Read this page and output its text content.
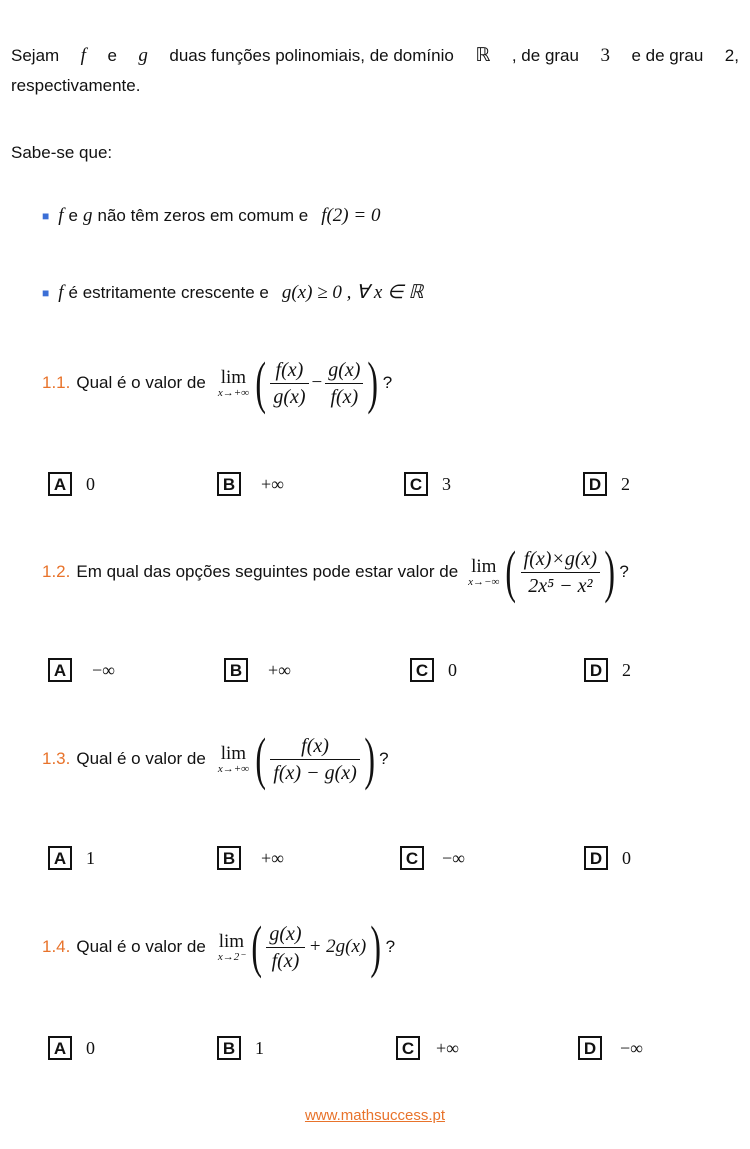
Sejam f e g duas funções polinomiais, de domínio ℝ , de grau 3 e de grau 2,
respectivamente.
Sabe-se que:
■ f e g não têm zeros em comum e f(2) = 0
■ f é estritamente crescente e g(x) ≥ 0 , ∀ x ∈ ℝ
1.1. Qual é o valor de lim
x→+∞ ( $\frac{f(x)}{g(x)} - \frac{g(x)}{f(x)}$ ) ?
A	0	B	+∞	C	3	D	2
1.2. Em qual das opções seguintes pode estar valor de lim
x→−∞ ( $\frac{f(x)\times g(x)}{\text{2x⁵ − x²}}$ ) ?
A	−∞	B	+∞	C	0	D	2
1.3. Qual é o valor de lim
x→+∞ ( $\frac{f(x)}{f(x) - g(x)}$ ) ?
A	1	B	+∞	C	−∞	D	0
1.4. Qual é o valor de lim
x→2⁻ ( $\frac{g(x)}{f(x)} + 2g(x)$ ) ?
A	0	B	1	C	+∞	D	−∞
www.mathsuccess.pt
